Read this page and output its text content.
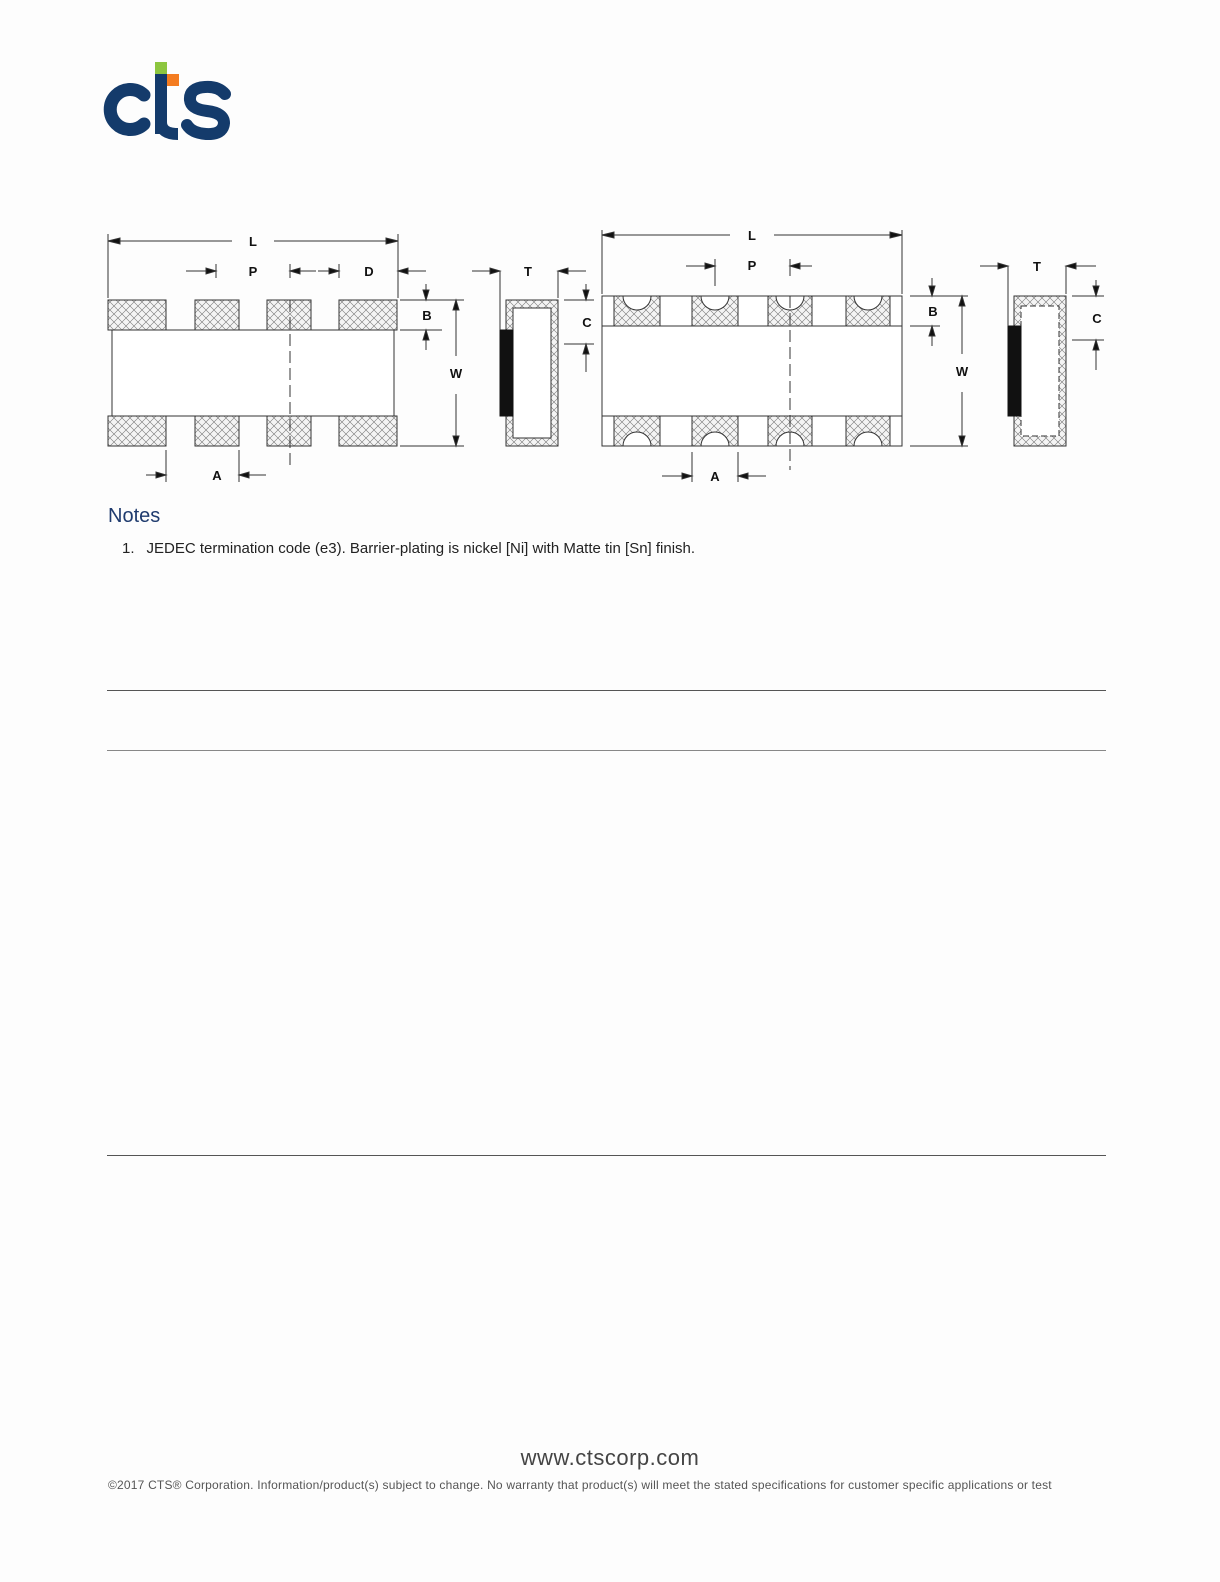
L
P	D
B
W
A
T
C
L
P
B
W
A
T
C
Notes
1. JEDEC termination code (e3). Barrier-plating is nickel [Ni] with Matte tin [Sn] finish.
www.ctscorp.com
©2017 CTS® Corporation. Information/product(s) subject to change. No warranty that product(s) will meet the stated specifications for customer specific applications or test
